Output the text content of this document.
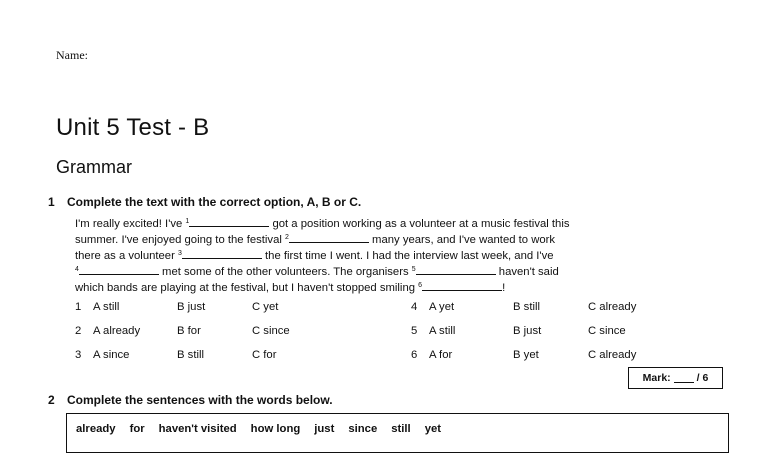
Name:
Unit 5 Test - B
Grammar
1 Complete the text with the correct option, A, B or C.
I'm really excited! I've $^1$	got a position working as a volunteer at a music festival this
summer. I've enjoyed going to the festival $^2$	many years, and I've wanted to work
there as a volunteer $^3$	the first time I went. I had the interview last week, and I've
$^4$	met some of the other volunteers. The organisers $^5$	haven't said
which bands are playing at the festival, but I haven't stopped smiling $^6$	!
1 A still	B just	C yet
2 A already	B for	C since
3 A since	B still	C for
4 A yet	B still	C already
5 A still	B just	C since
6 A for	B yet	C already
Mark: / 6
2 Complete the sentences with the words below.
already for haven't visited how long just since still yet
